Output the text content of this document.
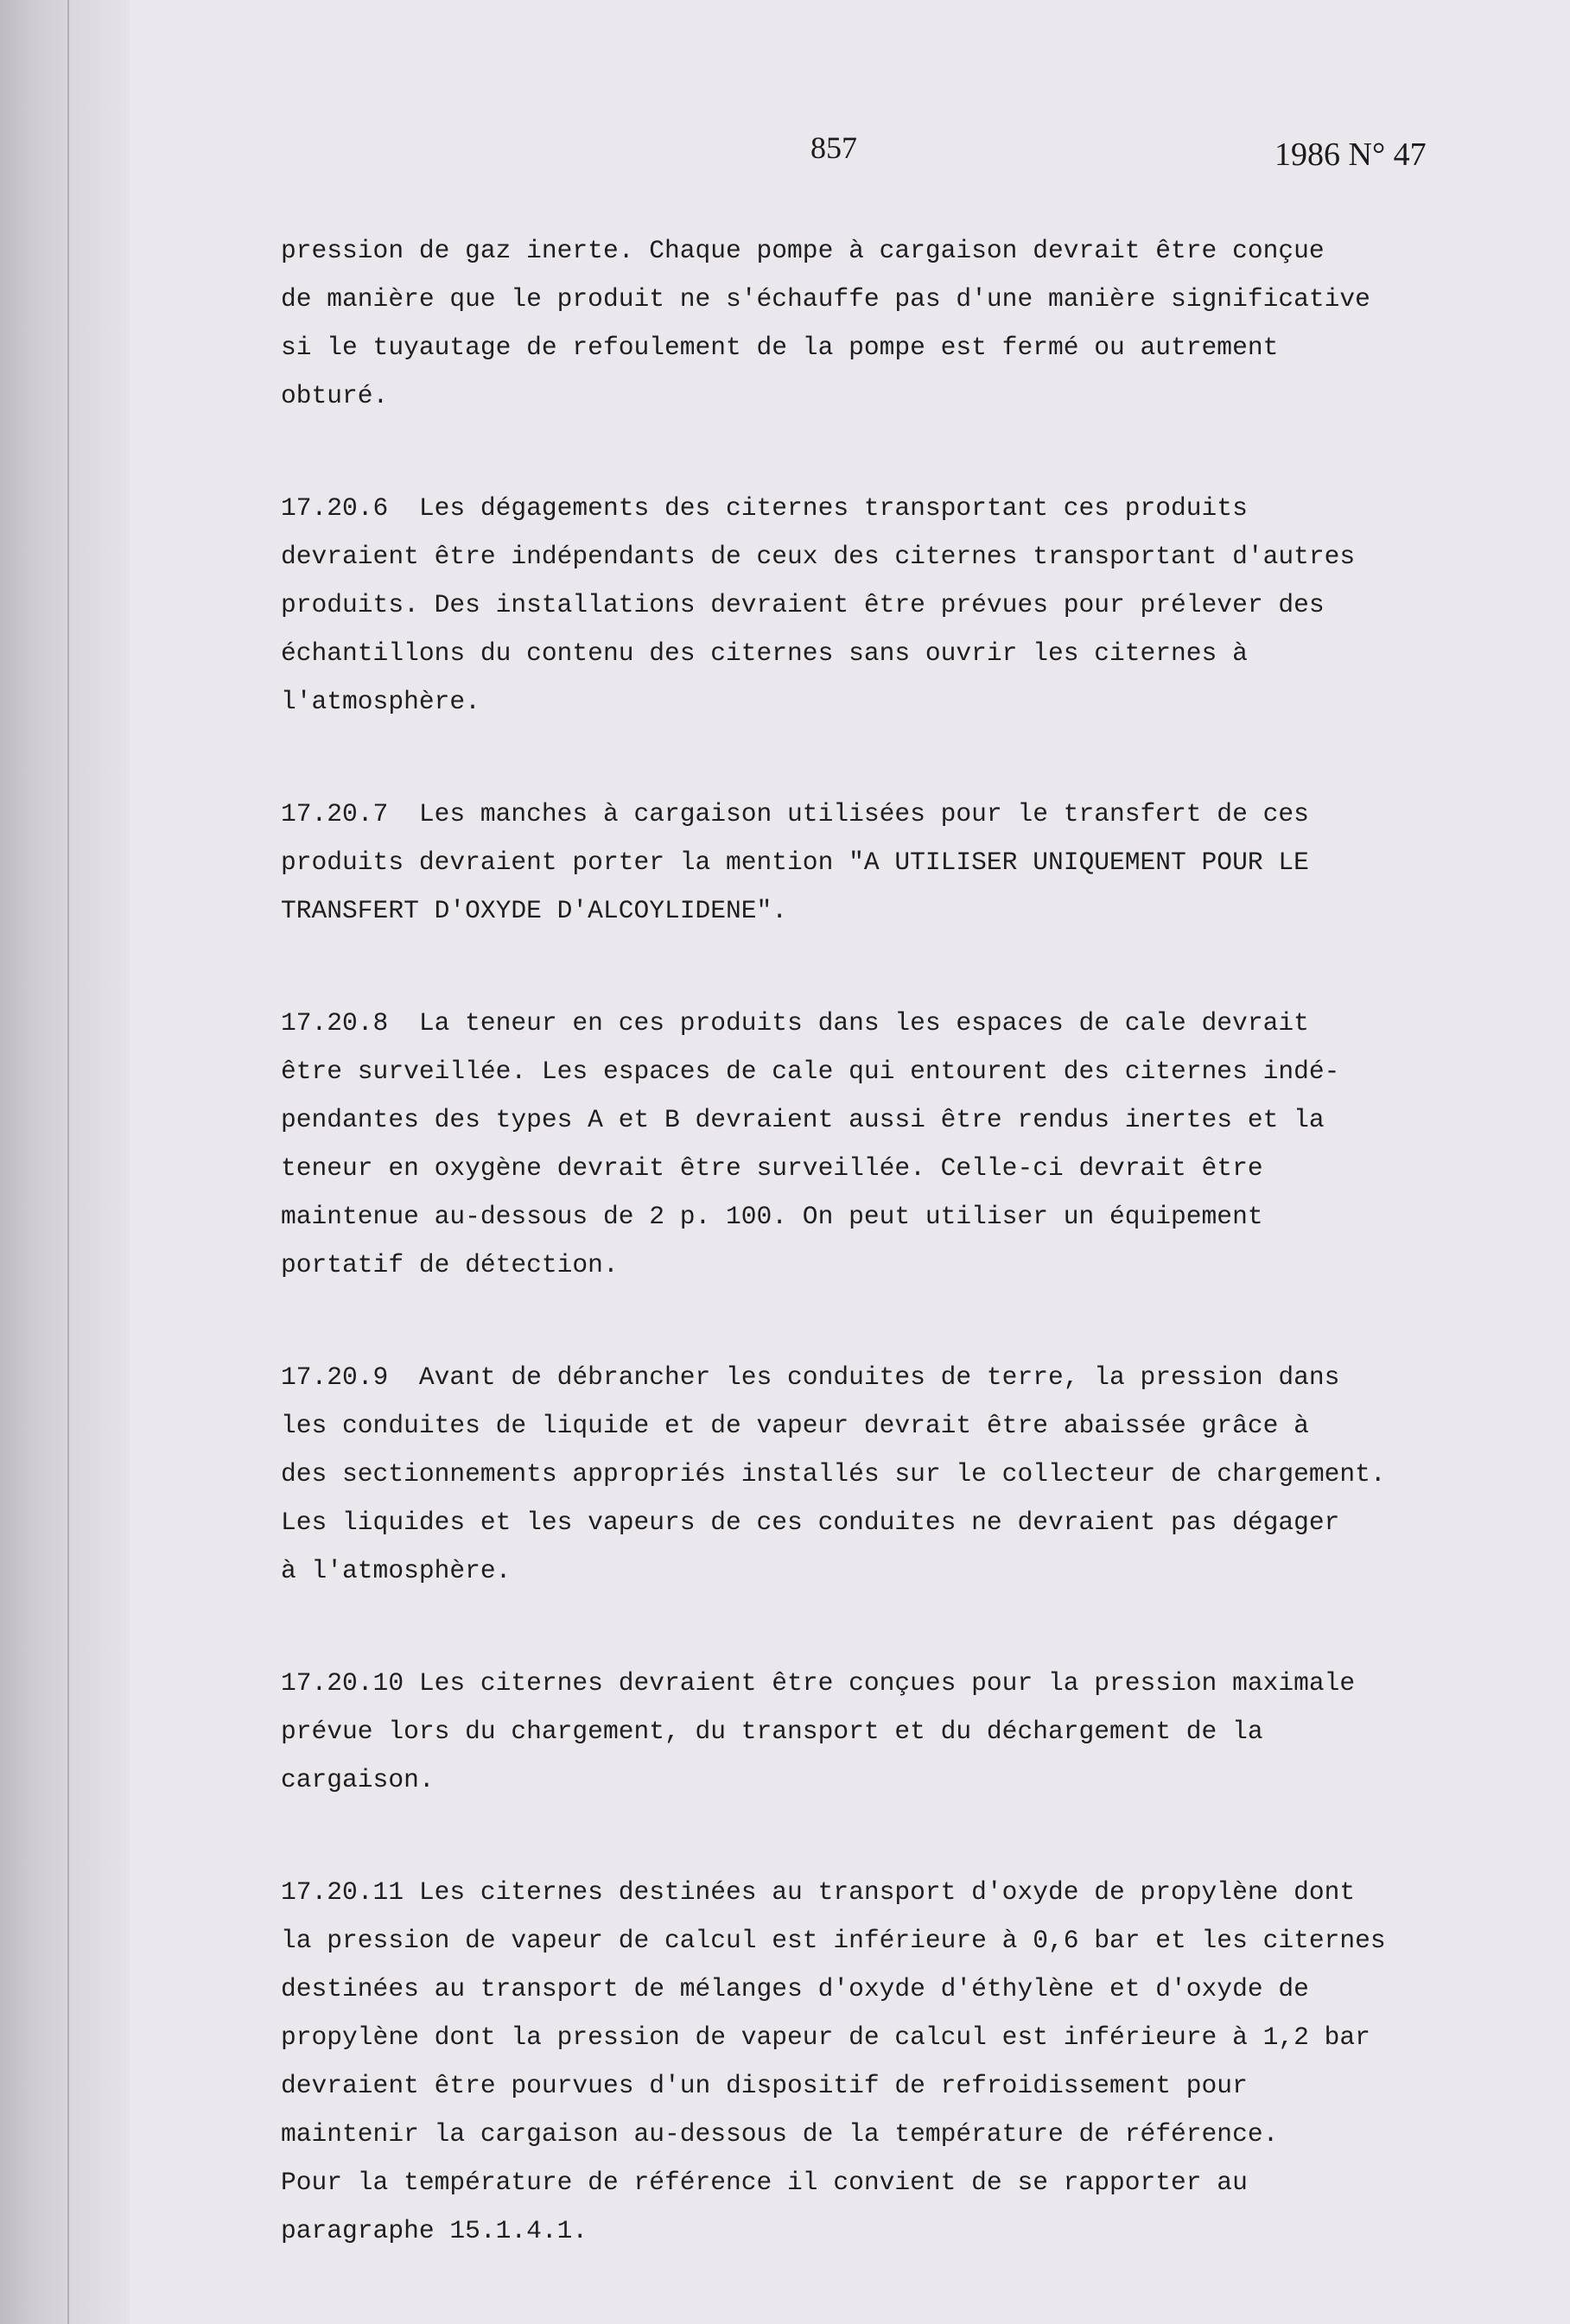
857	1986 N° 47
pression de gaz inerte. Chaque pompe à cargaison devrait être conçue
de manière que le produit ne s'échauffe pas d'une manière significative
si le tuyautage de refoulement de la pompe est fermé ou autrement
obturé.
17.20.6  Les dégagements des citernes transportant ces produits
devraient être indépendants de ceux des citernes transportant d'autres
produits. Des installations devraient être prévues pour prélever des
échantillons du contenu des citernes sans ouvrir les citernes à
l'atmosphère.
17.20.7  Les manches à cargaison utilisées pour le transfert de ces
produits devraient porter la mention "A UTILISER UNIQUEMENT POUR LE
TRANSFERT D'OXYDE D'ALCOYLIDENE".
17.20.8  La teneur en ces produits dans les espaces de cale devrait
être surveillée. Les espaces de cale qui entourent des citernes indé-
pendantes des types A et B devraient aussi être rendus inertes et la
teneur en oxygène devrait être surveillée. Celle-ci devrait être
maintenue au-dessous de 2 p. 100. On peut utiliser un équipement
portatif de détection.
17.20.9  Avant de débrancher les conduites de terre, la pression dans
les conduites de liquide et de vapeur devrait être abaissée grâce à
des sectionnements appropriés installés sur le collecteur de chargement.
Les liquides et les vapeurs de ces conduites ne devraient pas dégager
à l'atmosphère.
17.20.10 Les citernes devraient être conçues pour la pression maximale
prévue lors du chargement, du transport et du déchargement de la
cargaison.
17.20.11 Les citernes destinées au transport d'oxyde de propylène dont
la pression de vapeur de calcul est inférieure à 0,6 bar et les citernes
destinées au transport de mélanges d'oxyde d'éthylène et d'oxyde de
propylène dont la pression de vapeur de calcul est inférieure à 1,2 bar
devraient être pourvues d'un dispositif de refroidissement pour
maintenir la cargaison au-dessous de la température de référence.
Pour la température de référence il convient de se rapporter au
paragraphe 15.1.4.1.
